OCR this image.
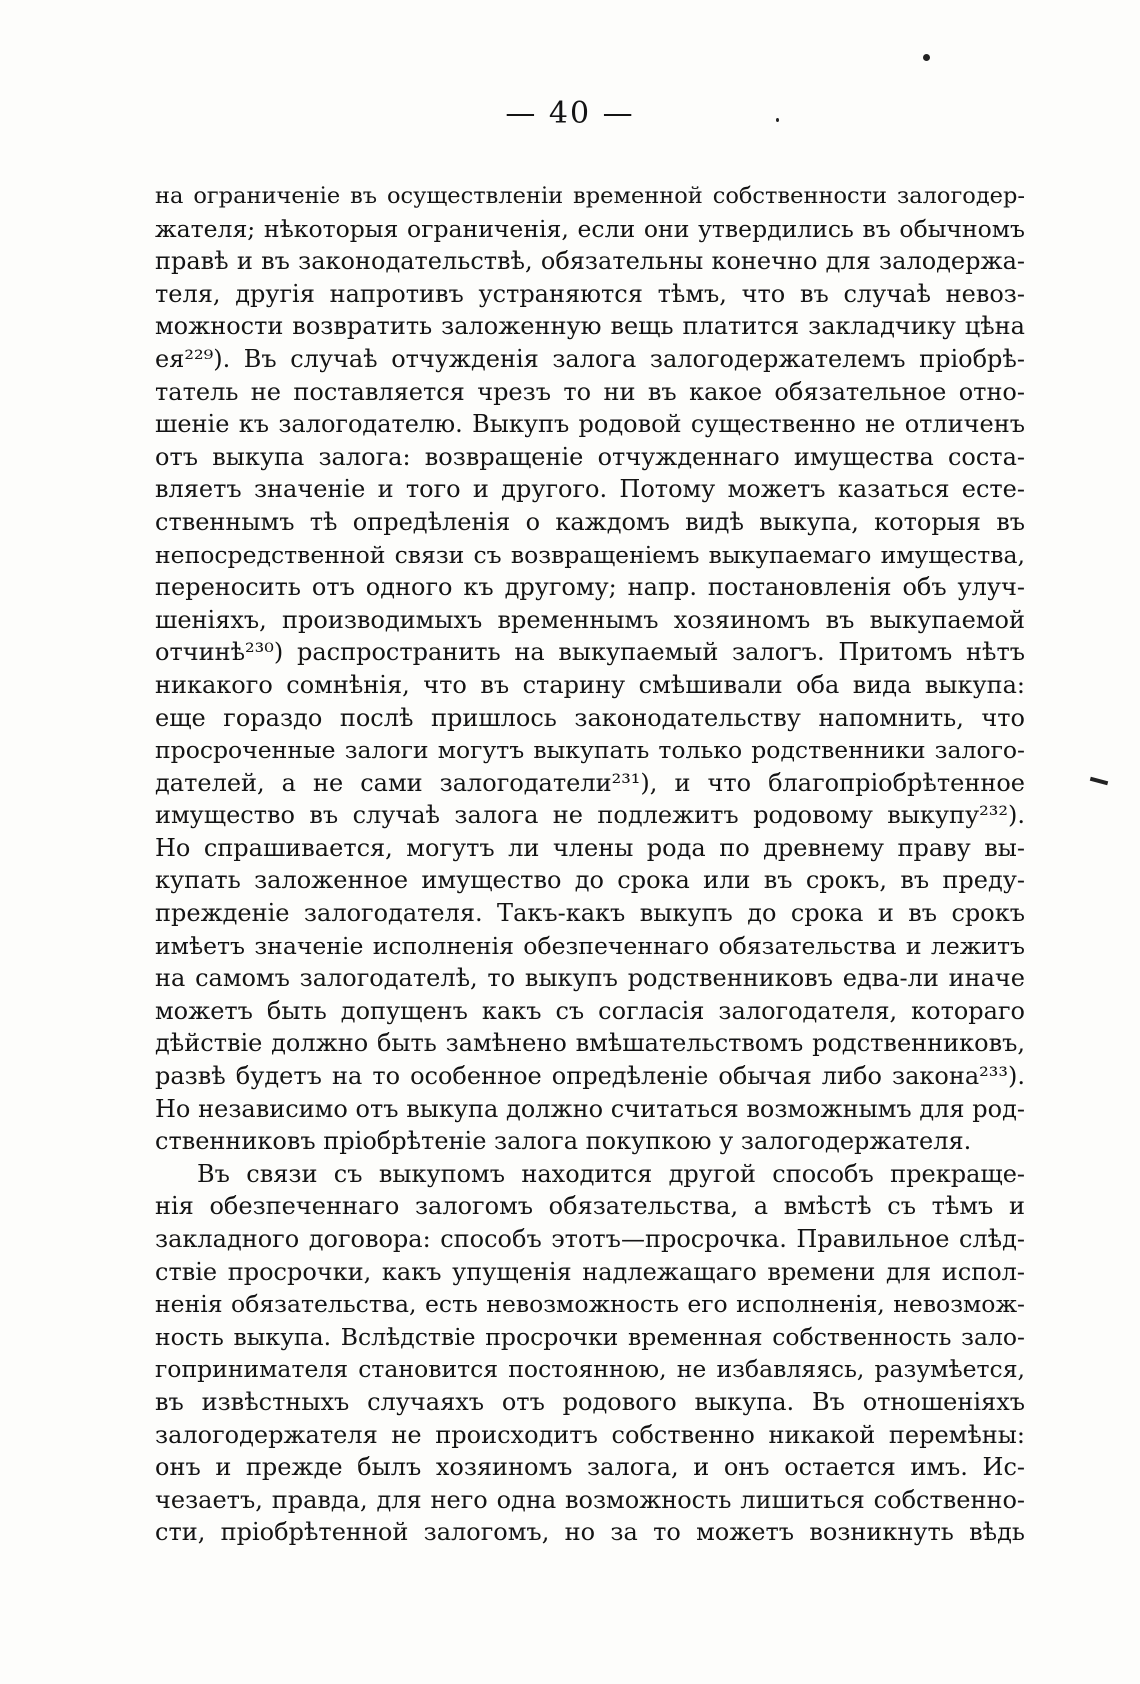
— 40 —
на ограниченіе въ осуществленіи временной собственности залогодер-
жателя; нѣкоторыя ограниченія, если они утвердились въ обычномъ
правѣ и въ законодательствѣ, обязательны конечно для залодержа-
теля, другія напротивъ устраняются тѣмъ, что въ случаѣ невоз-
можности возвратить заложенную вещь платится закладчику цѣна
ея²²⁹). Въ случаѣ отчужденія залога залогодержателемъ пріобрѣ-
татель не поставляется чрезъ то ни въ какое обязательное отно-
шеніе къ залогодателю. Выкупъ родовой существенно не отличенъ
отъ выкупа залога: возвращеніе отчужденнаго имущества соста-
вляетъ значеніе и того и другого. Потому можетъ казаться есте-
ственнымъ тѣ опредѣленія о каждомъ видѣ выкупа, которыя въ
непосредственной связи съ возвращеніемъ выкупаемаго имущества,
переносить отъ одного къ другому; напр. постановленія объ улуч-
шеніяхъ, производимыхъ временнымъ хозяиномъ въ выкупаемой
отчинѣ²³⁰) распространить на выкупаемый залогъ. Притомъ нѣтъ
никакого сомнѣнія, что въ старину смѣшивали оба вида выкупа:
еще гораздо послѣ пришлось законодательству напомнить, что
просроченные залоги могутъ выкупать только родственники залого-
дателей, а не сами залогодатели²³¹), и что благопріобрѣтенное
имущество въ случаѣ залога не подлежитъ родовому выкупу²³²).
Но спрашивается, могутъ ли члены рода по древнему праву вы-
купать заложенное имущество до срока или въ срокъ, въ преду-
прежденіе залогодателя. Такъ-какъ выкупъ до срока и въ срокъ
имѣетъ значеніе исполненія обезпеченнаго обязательства и лежитъ
на самомъ залогодателѣ, то выкупъ родственниковъ едва-ли иначе
можетъ быть допущенъ какъ съ согласія залогодателя, котораго
дѣйствіе должно быть замѣнено вмѣшательствомъ родственниковъ,
развѣ будетъ на то особенное опредѣленіе обычая либо закона²³³).
Но независимо отъ выкупа должно считаться возможнымъ для род-
ственниковъ пріобрѣтеніе залога покупкою у залогодержателя.
Въ связи съ выкупомъ находится другой способъ прекраще-
нія обезпеченнаго залогомъ обязательства, а вмѣстѣ съ тѣмъ и
закладного договора: способъ этотъ—просрочка. Правильное слѣд-
ствіе просрочки, какъ упущенія надлежащаго времени для испол-
ненія обязательства, есть невозможность его исполненія, невозмож-
ность выкупа. Вслѣдствіе просрочки временная собственность зало-
гопринимателя становится постоянною, не избавляясь, разумѣется,
въ извѣстныхъ случаяхъ отъ родового выкупа. Въ отношеніяхъ
залогодержателя не происходитъ собственно никакой перемѣны:
онъ и прежде былъ хозяиномъ залога, и онъ остается имъ. Ис-
чезаетъ, правда, для него одна возможность лишиться собственно-
сти, пріобрѣтенной залогомъ, но за то можетъ возникнуть вѣдь
